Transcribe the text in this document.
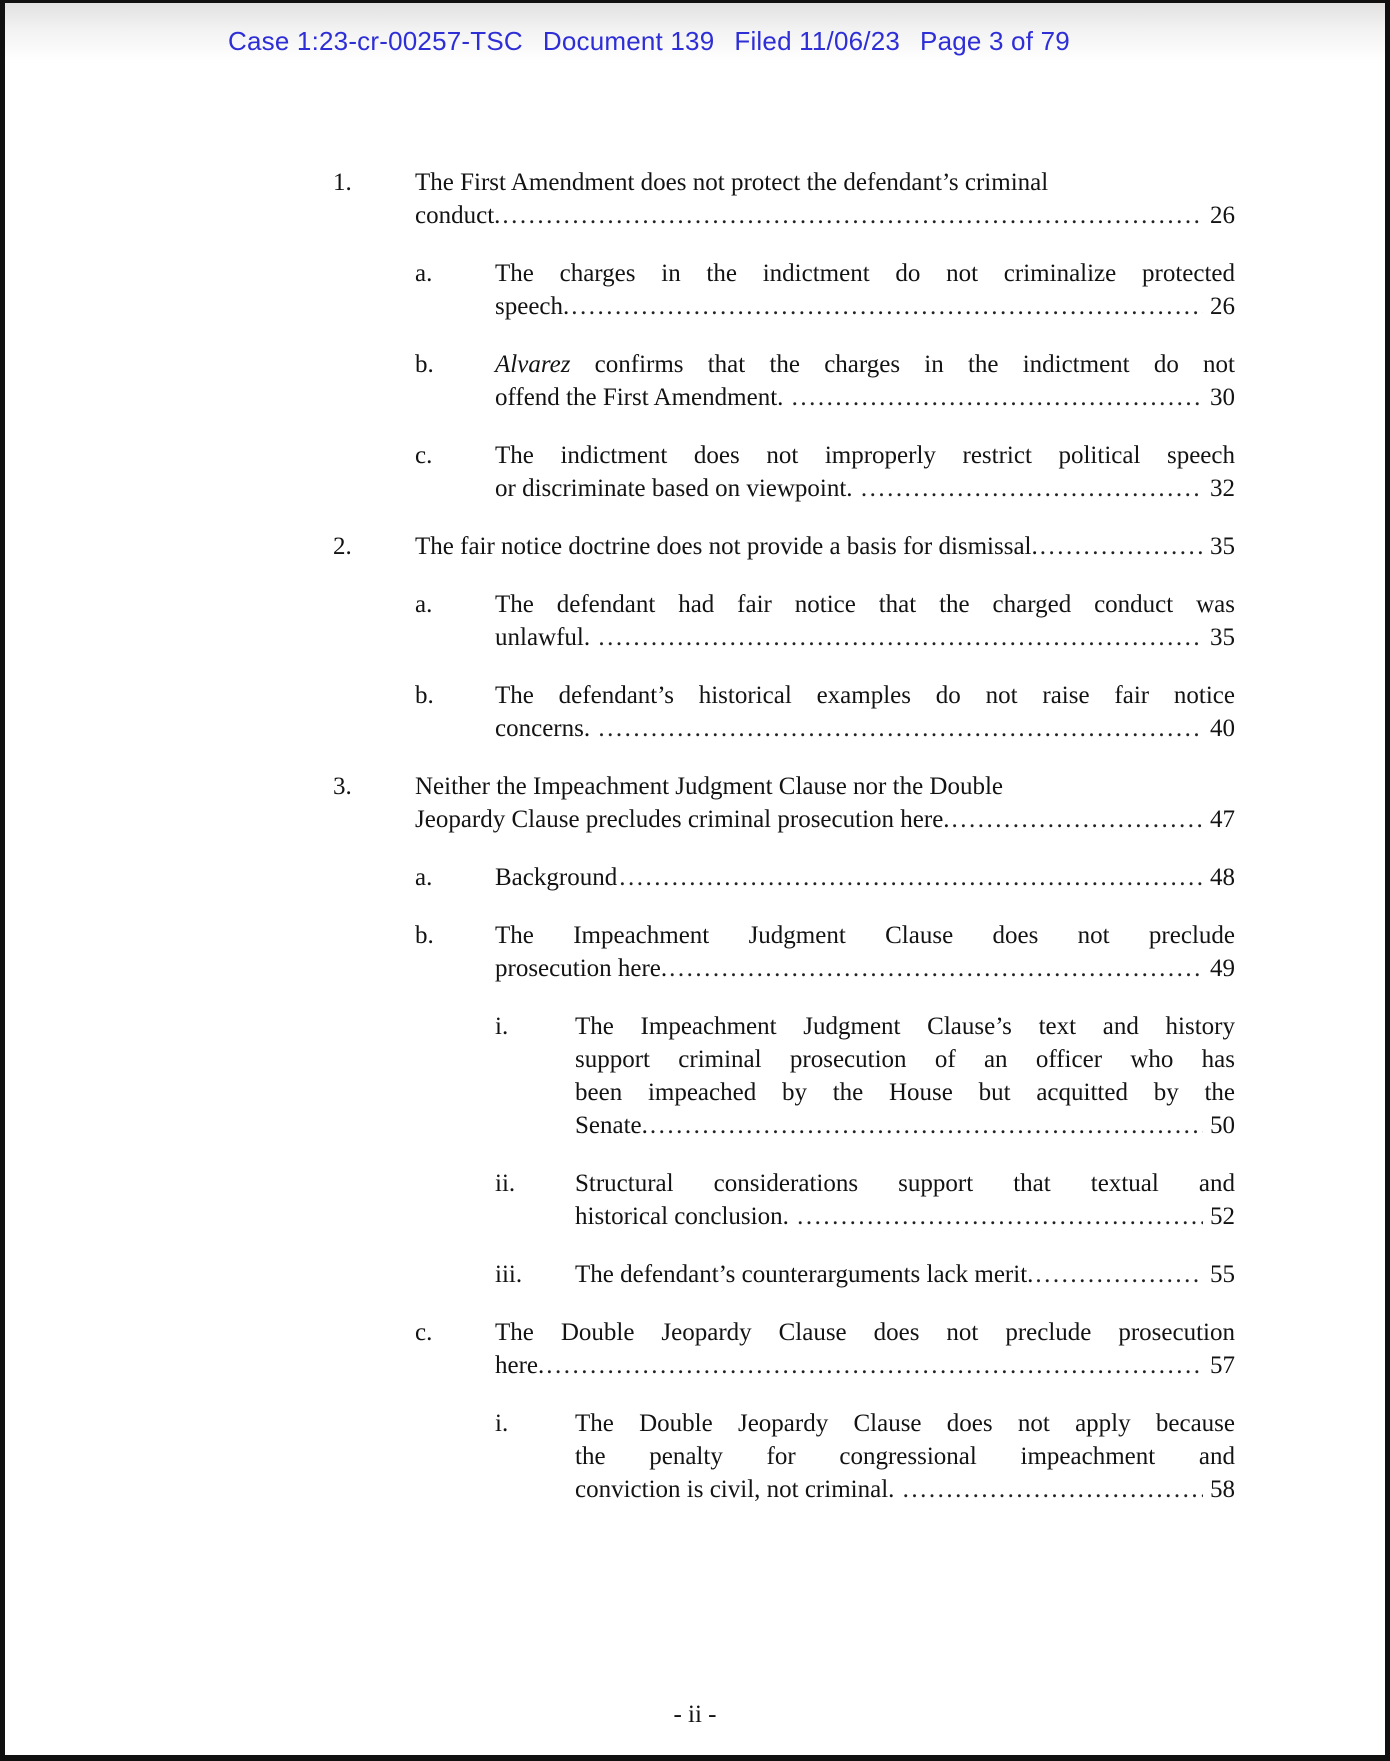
Case 1:23-cr-00257-TSC Document 139 Filed 11/06/23 Page 3 of 79
1.	The First Amendment does not protect the defendant’s criminal
conduct. .....	26
a.	The charges in the indictment do not criminalize protected
speech. .....	26
b. Alvarez confirms that the charges in the indictment do not
offend the First Amendment. .....	30
c.	The indictment does not improperly restrict political speech
or discriminate based on viewpoint. .....	32
2.	The fair notice doctrine does not provide a basis for dismissal. .....	35
a.	The defendant had fair notice that the charged conduct was
unlawful. .....	35
b. The defendant’s historical examples do not raise fair notice
concerns. .....	40
3.	Neither the Impeachment Judgment Clause nor the Double
Jeopardy Clause precludes criminal prosecution here. .....	47
a.	Background .....	48
b. The Impeachment Judgment Clause does not preclude
prosecution here. .....	49
i.	The Impeachment Judgment Clause’s text and history
support criminal prosecution of an officer who has
been impeached by the House but acquitted by the
Senate. .....	50
ii. Structural considerations support that textual and
historical conclusion. .....	52
iii. The defendant’s counterarguments lack merit. .....	55
c.	The Double Jeopardy Clause does not preclude prosecution
here. .....	57
i.	The Double Jeopardy Clause does not apply because
the penalty for congressional impeachment and
conviction is civil, not criminal. .....	58
- ii -
